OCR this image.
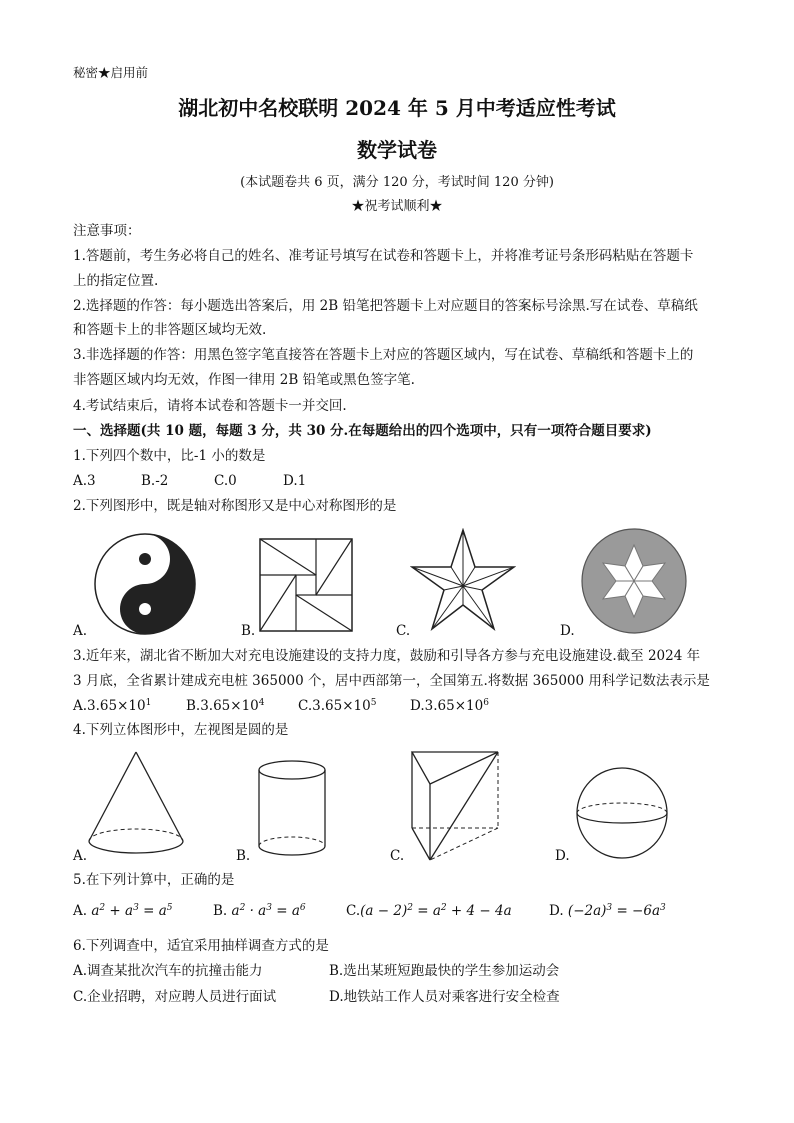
秘密★启用前
湖北初中名校联明 2024 年 5 月中考适应性考试
数学试卷
(本试题卷共 6 页，满分 120 分，考试时间 120 分钟)
★祝考试顺利★
注意事项：
1.答题前，考生务必将自己的姓名、准考证号填写在试卷和答题卡上，并将准考证号条形码粘贴在答题卡
上的指定位置.
2.选择题的作答：每小题选出答案后，用 2B 铅笔把答题卡上对应题目的答案标号涂黑.写在试卷、草稿纸
和答题卡上的非答题区域均无效.
3.非选择题的作答：用黑色签字笔直接答在答题卡上对应的答题区域内，写在试卷、草稿纸和答题卡上的
非答题区域内均无效，作图一律用 2B 铅笔或黑色签字笔.
4.考试结束后，请将本试卷和答题卡一并交回.
一、选择题(共 10 题，每题 3 分，共 30 分.在每题给出的四个选项中，只有一项符合题目要求)
1.下列四个数中，比-1 小的数是
A.3	B.-2	C.0	D.1
2.下列图形中，既是轴对称图形又是中心对称图形的是
A.	B.	C.	D.
3.近年来，湖北省不断加大对充电设施建设的支持力度，鼓励和引导各方参与充电设施建设.截至 2024 年
3 月底，全省累计建成充电桩 365000 个，居中西部第一，全国第五.将数据 365000 用科学记数法表示是
$A.3.65\times 10^1$	$B.3.65\times 10^4$ $C.3.65\times 10^5$ $D.3.65\times 10^6$
4.下列立体图形中，左视图是圆的是
A.	B.	C.	D.
5.在下列计算中，正确的是
A. $a^2 + a^3 = a^5$	B. $a^2 \cdot a^3 = a^6$	$C.(a - 2)^2 = a^2 + 4 - 4a$	D. $(-2a)^3 = -6a^3$
6.下列调查中，适宜采用抽样调查方式的是
A.调查某批次汽车的抗撞击能力	B.选出某班短跑最快的学生参加运动会
C.企业招聘，对应聘人员进行面试	D.地铁站工作人员对乘客进行安全检查
